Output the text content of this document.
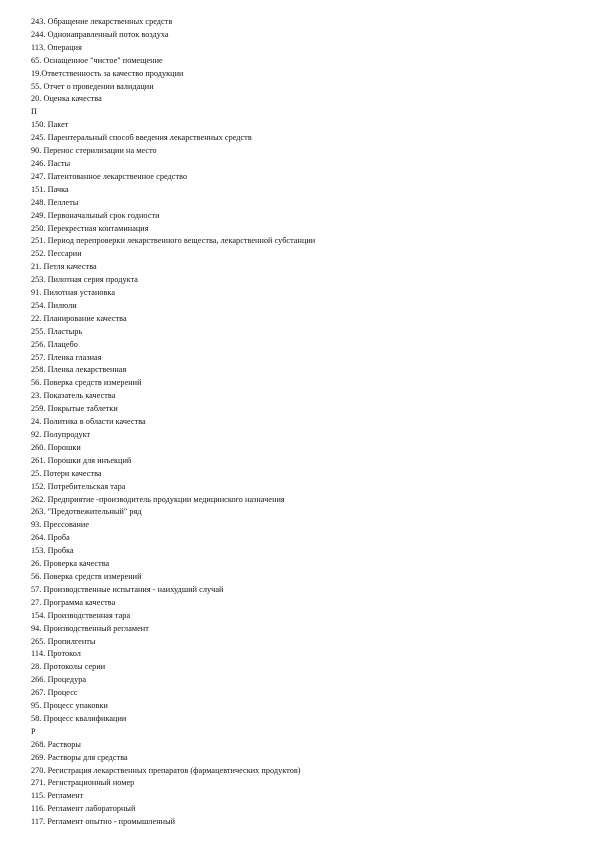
243. Обращение лекарственных средств
244. Однонаправленный поток воздуха
113. Операция
65. Оснащенное "чистое" помещение
19.Ответственность за качество продукции
55. Отчет о проведении валидации
20. Оценка качества
П
150. Пакет
245. Парентеральный способ введения лекарственных средств
90. Перенос стерилизации на место
246. Пасты
247. Патентованное лекарственное средство
151. Пачка
248. Пеллеты
249. Первоначальный срок годности
250. Перекрестная контаминация
251. Период перепроверки лекарственного вещества, лекарственной субстанции
252. Пессарии
21. Петля качества
253. Пилотная серия продукта
91. Пилотная установка
254. Пилюли
22. Планирование качества
255. Пластырь
256. Плацебо
257. Пленка глазная
258. Пленка лекарственная
56. Поверка средств измерений
23. Показатель качества
259. Покрытые таблетки
24. Политика в области качества
92. Полупродукт
260. Порошки
261. Порошки для инъекций
25. Потери качества
152. Потребительская тара
262. Предприятие -производитель продукции медицинского назначения
263. "Предотвежительный" ряд
93. Прессование
264. Проба
153. Пробка
26. Проверка качества
56. Поверка средств измерений
57. Производственные испытания - наихудший случай
27. Программа качества
154. Производственная тара
94. Производственный регламент
265. Пропилгенты
114. Протокол
28. Протоколы серии
266. Процедура
267. Процесс
95. Процесс упаковки
58. Процесс квалификации
Р
268. Растворы
269. Растворы для средства
270. Регистрация лекарственных препаратов (фармацевтических продуктов)
271. Регистрационный номер
115. Регламент
116. Регламент лабораторный
117. Регламент опытно - промышленный
